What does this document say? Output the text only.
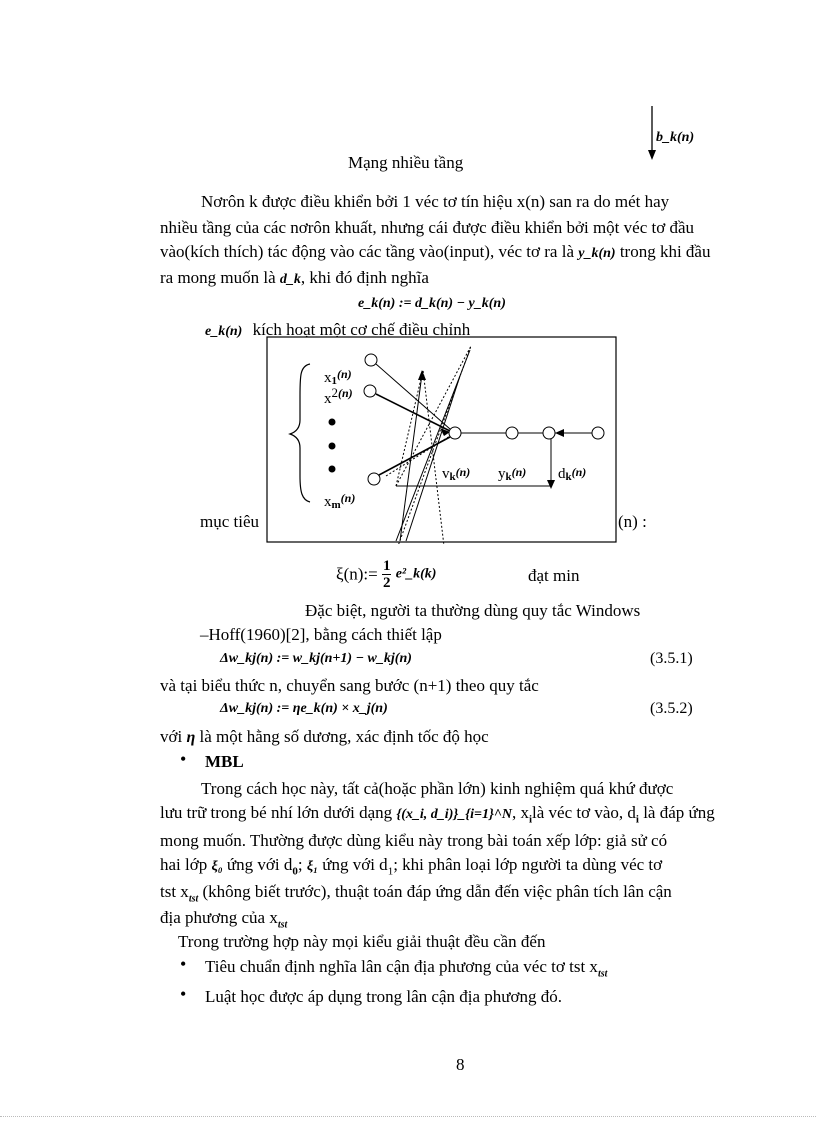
b_k(n)
Mạng nhiều tầng
Nơrôn k được điều khiển bởi 1 véc tơ tín hiệu x(n) san ra do mét hay
nhiều tầng của các nơrôn khuất, nhưng cái được điều khiển bởi một véc tơ đầu
vào(kích thích) tác động vào các tầng vào(input), véc tơ ra là y_k(n) trong khi đầu
ra mong muốn là d_k, khi đó định nghĩa
e_k(n) := d_k(n) − y_k(n)
e_k(n) kích hoạt một cơ chế điều chỉnh
x1$^{(n)}$
x2(n)
$xm^{(n)}$
$vk^{(n)}$ $yk^{(n)}$ $dk^{(n)}$
mục tiêu	(n) :
ξ(n):= $\frac{1}{2}$ e²_k(k)	đạt min
Đặc biệt, người ta thường dùng quy tắc Windows
–Hoff(1960)[2], bằng cách thiết lập
Δw_kj(n) := w_kj(n+1) − w_kj(n)	(3.5.1)
và tại biểu thức n, chuyển sang bước (n+1) theo quy tắc
Δw_kj(n) := ηe_k(n) × x_j(n)	(3.5.2)
với η là một hằng số dương, xác định tốc độ học
• MBL
Trong cách học này, tất cả(hoặc phần lớn) kinh nghiệm quá khứ được
lưu trữ trong bé nhí lớn dưới dạng {(x_i, d_i)}_{i=1}^N, $x_ilà$ véc tơ vào, $d_i$ là đáp ứng
mong muốn. Thường được dùng kiểu này trong bài toán xếp lớp: giả sử có
hai lớp ξ₀ ứng với $d_0$; ξ₁ ứng với $d_1$; khi phân loại lớp người ta dùng véc tơ
tst $x_{tst}$ (không biết trước), thuật toán đáp ứng dẫn đến việc phân tích lân cận
địa phương của $x_{tst}$
Trong trường hợp này mọi kiểu giải thuật đều cần đến
• Tiêu chuẩn định nghĩa lân cận địa phương của véc tơ tst $x_{tst}$
• Luật học được áp dụng trong lân cận địa phương đó.
8
